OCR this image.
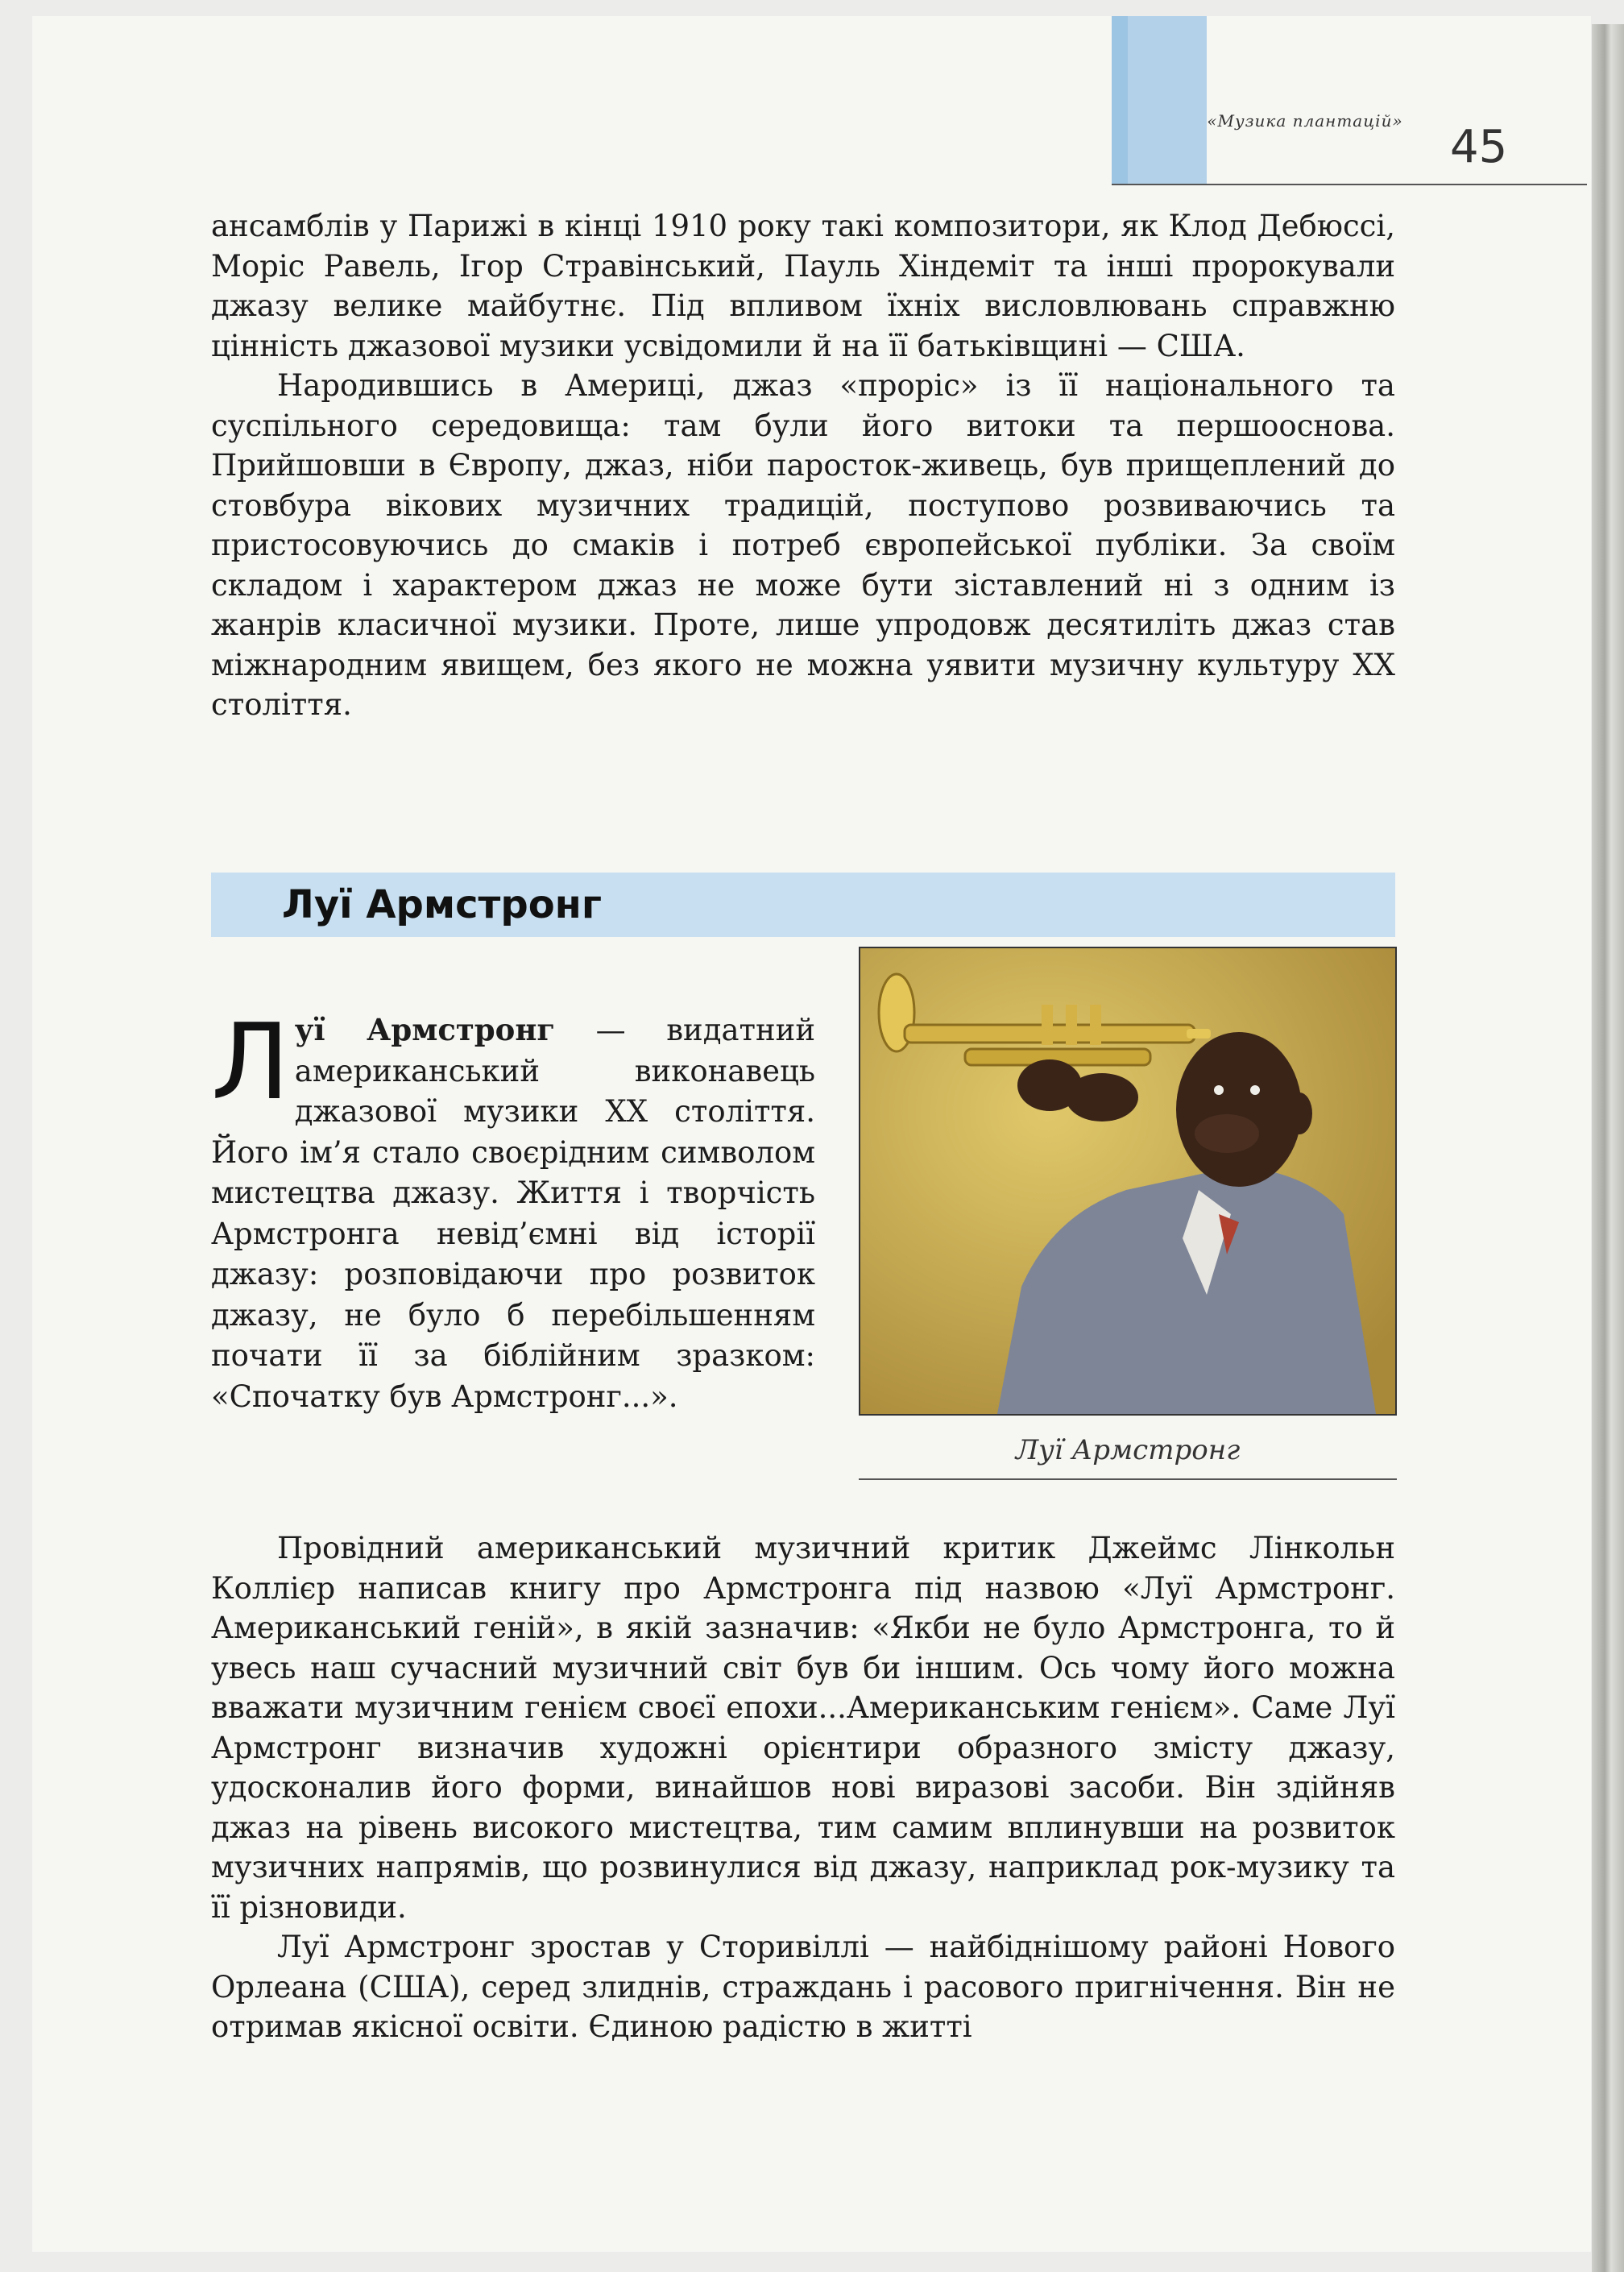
«Музика плантацій»	45

ансамблів у Парижі в кінці 1910 року такі композитори, як Клод Дебюссі, Моріс Равель, Ігор Стравінський, Пауль Хіндеміт та інші пророкували джазу велике майбутнє. Під впливом їхніх висловлювань справжню цінність джазової музики усвідомили й на її батьківщині — США.

Народившись в Америці, джаз «проріс» із її національного та суспільного середовища: там були його витоки та першооснова. Прийшовши в Європу, джаз, ніби паросток-живець, був прищеплений до стовбура вікових музичних традицій, поступово розвиваючись та пристосовуючись до смаків і потреб європейської публіки. За своїм складом і характером джаз не може бути зіставлений ні з одним із жанрів класичної музики. Проте, лише упродовж десятиліть джаз став міжнародним явищем, без якого не можна уявити музичну культуру XX століття.

Луї Армстронг
Луї Армстронг

Л уї Армстронг — видатний американський виконавець джазової музики XX століття. Його ім’я стало своєрідним символом мистецтва джазу. Життя і творчість Армстронга невід’ємні від історії джазу: розповідаючи про розвиток джазу, не було б перебільшенням почати її за біблійним зразком: «Спочатку був Армстронг...».

Провідний американський музичний критик Джеймс Лінкольн Коллієр написав книгу про Армстронга під назвою «Луї Армстронг. Американський геній», в якій зазначив: «Якби не було Армстронга, то й увесь наш сучасний музичний світ був би іншим. Ось чому його можна вважати музичним генієм своєї епохи...Американським генієм». Саме Луї Армстронг визначив художні орієнтири образного змісту джазу, удосконалив його форми, винайшов нові виразові засоби. Він здійняв джаз на рівень високого мистецтва, тим самим вплинувши на розвиток музичних напрямів, що розвинулися від джазу, наприклад рок-музику та її різновиди.

Луї Армстронг зростав у Сторивіллі — найбіднішому районі Нового Орлеана (США), серед злиднів, страждань і расового пригнічення. Він не отримав якісної освіти. Єдиною радістю в житті
